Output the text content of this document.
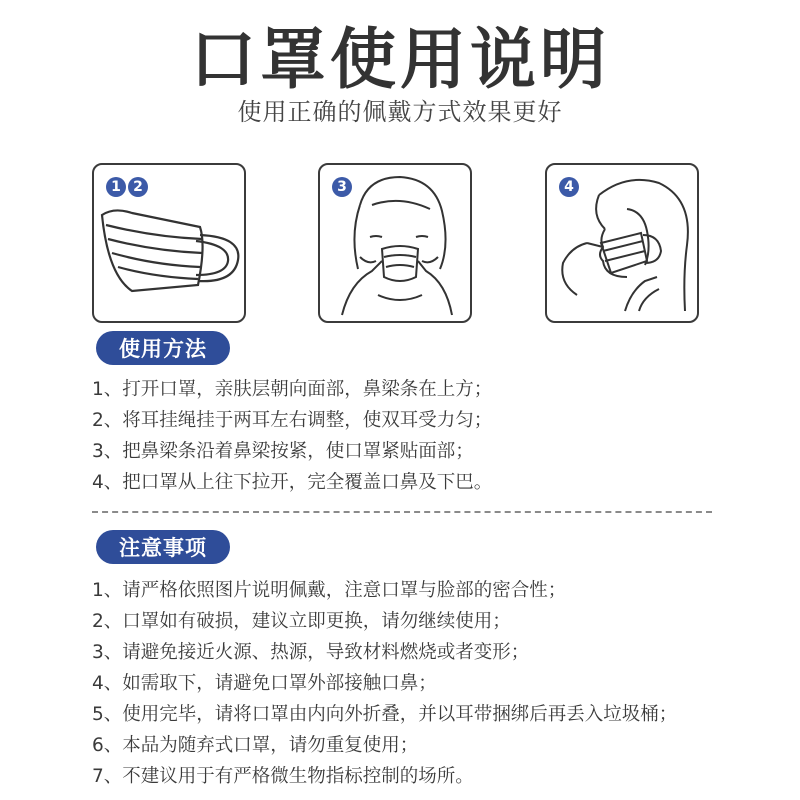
口罩使用说明
使用正确的佩戴方式效果更好
1 2	3	4
使用方法
1、打开口罩，亲肤层朝向面部，鼻梁条在上方；
2、将耳挂绳挂于两耳左右调整，使双耳受力匀；
3、把鼻梁条沿着鼻梁按紧，使口罩紧贴面部；
4、把口罩从上往下拉开，完全覆盖口鼻及下巴。
注意事项
1、请严格依照图片说明佩戴，注意口罩与脸部的密合性；
2、口罩如有破损，建议立即更换，请勿继续使用；
3、请避免接近火源、热源，导致材料燃烧或者变形；
4、如需取下，请避免口罩外部接触口鼻；
5、使用完毕，请将口罩由内向外折叠，并以耳带捆绑后再丢入垃圾桶；
6、本品为随弃式口罩，请勿重复使用；
7、不建议用于有严格微生物指标控制的场所。
